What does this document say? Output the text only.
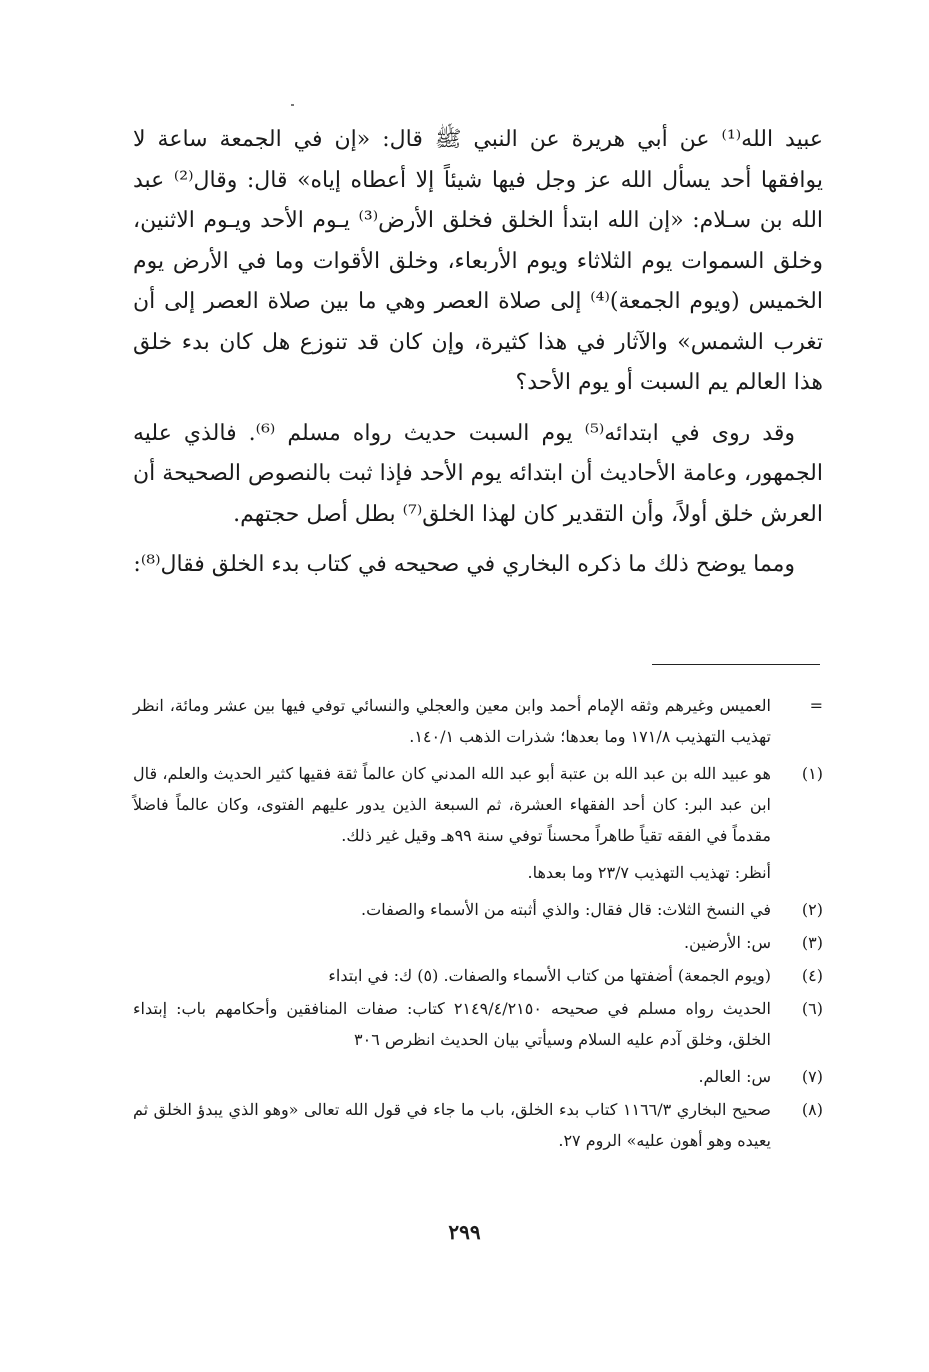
عبيد الله⁽¹⁾ عن أبي هريرة عن النبي ﷺ قال: «إن في الجمعة ساعة لا يوافقها أحد يسأل الله عز وجل فيها شيئاً إلا أعطاه إياه» قال: وقال⁽²⁾ عبد الله بن سـلام: «إن الله ابتدأ الخلق فخلق الأرض⁽³⁾ يـوم الأحد ويـوم الاثنين، وخلق السموات يوم الثلاثاء ويوم الأربعاء، وخلق الأقوات وما في الأرض يوم الخميس (ويوم الجمعة)⁽⁴⁾ إلى صلاة العصر وهي ما بين صلاة العصر إلى أن تغرب الشمس» والآثار في هذا كثيرة، وإن كان قد تنوزع هل كان بدء خلق هذا العالم يم السبت أو يوم الأحد؟

وقد روى في ابتدائه⁽⁵⁾ يوم السبت حديث رواه مسلم ⁽⁶⁾. فالذي عليه الجمهور، وعامة الأحاديث أن ابتدائه يوم الأحد فإذا ثبت بالنصوص الصحيحة أن العرش خلق أولاً، وأن التقدير كان لهذا الخلق⁽⁷⁾ بطل أصل حجتهم.

ومما يوضح ذلك ما ذكره البخاري في صحيحه في كتاب بدء الخلق فقال⁽⁸⁾:

=
العميس وغيرهم وثقه الإمام أحمد وابن معين والعجلي والنسائي توفي فيها بين عشر ومائة، انظر تهذيب التهذيب ١٧١/٨ وما بعدها؛ شذرات الذهب ١٤٠/١.
(١)
هو عبيد الله بن عبد الله بن عتبة أبو عبد الله المدني كان عالماً ثقة فقيها كثير الحديث والعلم، قال ابن عبد البر: كان أحد الفقهاء العشرة، ثم السبعة الذين يدور عليهم الفتوى، وكان عالماً فاضلاً مقدماً في الفقه تقياً طاهراً محسناً توفي سنة ٩٩هـ وقيل غير ذلك.
أنظر: تهذيب التهذيب ٢٣/٧ وما بعدها.
(٢)
في النسخ الثلاث: قال فقال: والذي أثبته من الأسماء والصفات.
(٣)
س: الأرضين.
(٤)
(ويوم الجمعة) أضفتها من كتاب الأسماء والصفات. (٥) ك: في ابتداء
(٦)
الحديث رواه مسلم في صحيحه ٢١٤٩/٤/٢١٥٠ كتاب: صفات المنافقين وأحكامهم باب: إبتداء الخلق، وخلق آدم عليه السلام وسيأتي بيان الحديث انظرص ٣٠٦
(٧)
س: العالم.
(٨)
صحيح البخاري ١١٦٦/٣ كتاب بدء الخلق، باب ما جاء في قول الله تعالى «وهو الذي يبدؤ الخلق ثم يعيده وهو أهون عليه» الروم ٢٧.
٢٩٩
